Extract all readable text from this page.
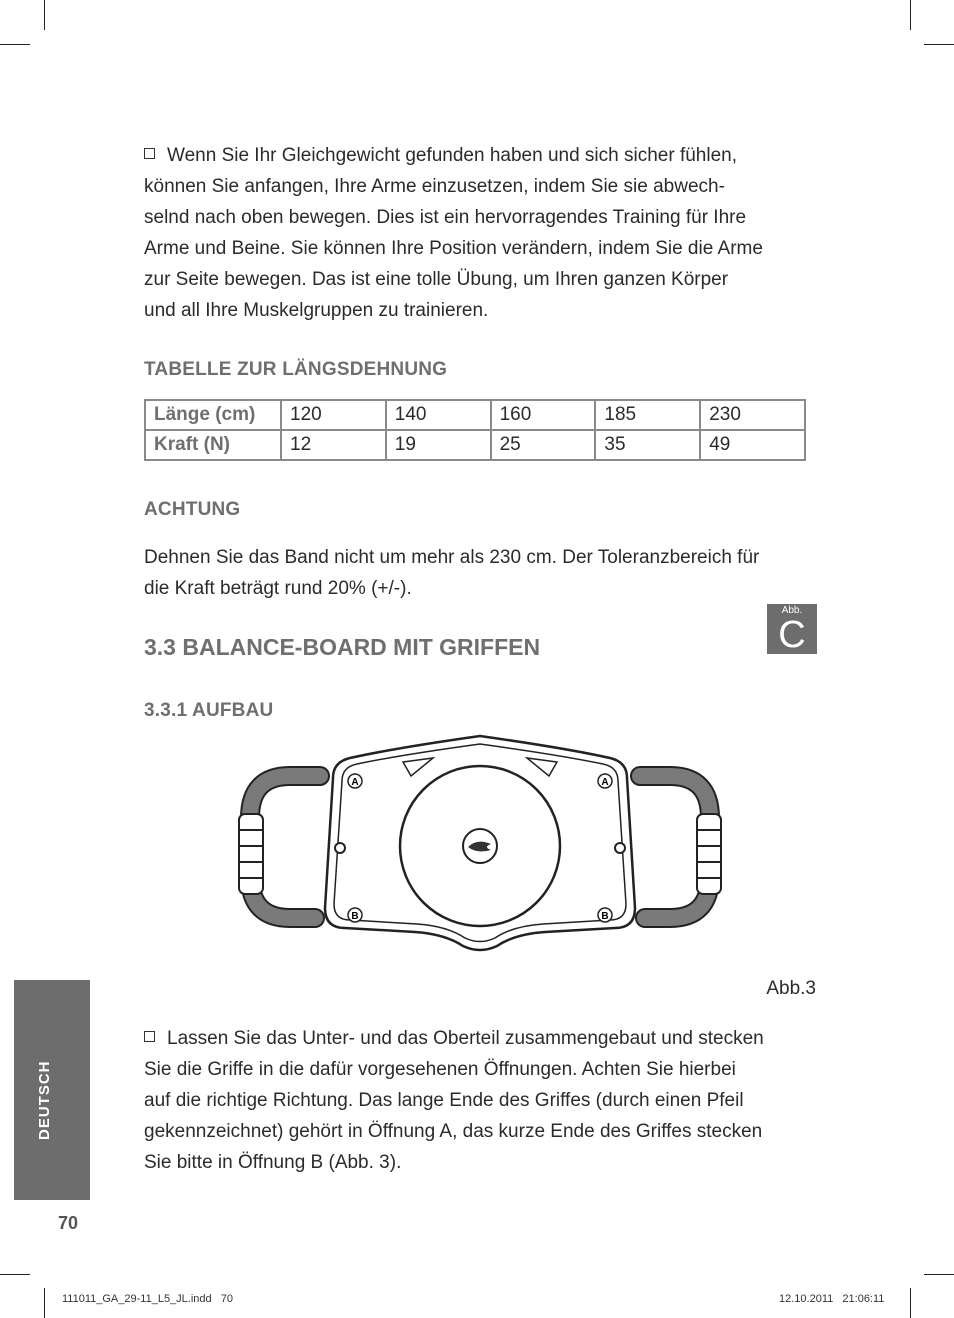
Wenn Sie Ihr Gleichgewicht gefunden haben und sich sicher fühlen,
können Sie anfangen, Ihre Arme einzusetzen, indem Sie sie abwech-
selnd nach oben bewegen. Dies ist ein hervorragendes Training für Ihre
Arme und Beine. Sie können Ihre Position verändern, indem Sie die Arme
zur Seite bewegen. Das ist eine tolle Übung, um Ihren ganzen Körper
und all Ihre Muskelgruppen zu trainieren.
TABELLE ZUR LÄNGSDEHNUNG
Länge (cm)	120	140	160	185	230
Kraft (N)	12	19	25	35	49
ACHTUNG
Dehnen Sie das Band nicht um mehr als 230 cm. Der Toleranzbereich für
die Kraft beträgt rund 20% (+/-).
Abb.
C
3.3 BALANCE-BOARD MIT GRIFFEN
3.3.1 AUFBAU
A	A
B	B
Abb.3
Lassen Sie das Unter- und das Oberteil zusammengebaut und stecken
Sie die Griffe in die dafür vorgesehenen Öffnungen. Achten Sie hierbei
auf die richtige Richtung. Das lange Ende des Griffes (durch einen Pfeil
gekennzeichnet) gehört in Öffnung A, das kurze Ende des Griffes stecken
Sie bitte in Öffnung B (Abb. 3).
DEUTSCH
70
111011_GA_29-11_L5_JL.indd   70	12.10.2011   21:06:11
